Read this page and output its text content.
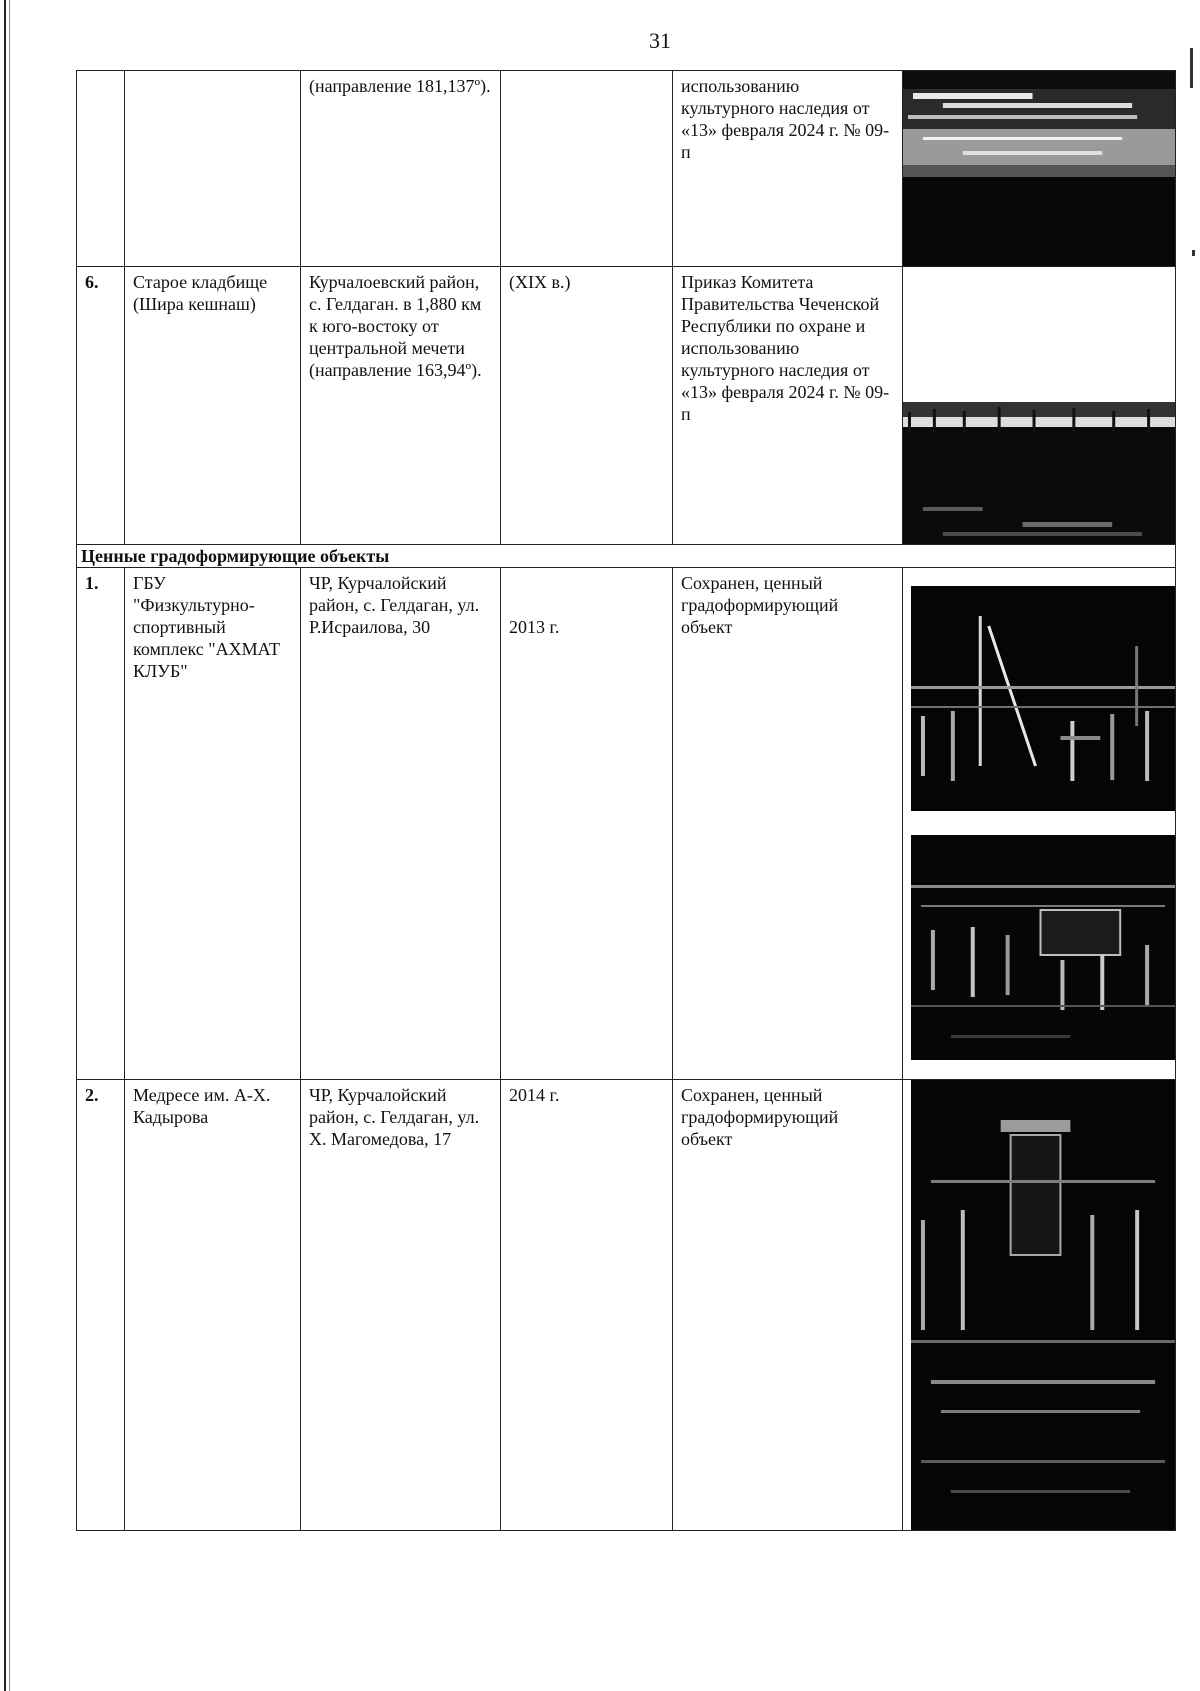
31
		(направление 181,137º).		использованию культурного наследия от «13» февраля 2024 г. № 09-п	

6.	Старое кладбище (Шира кешнаш)	Курчалоевский район, с. Гелдаган. в 1,880 км к юго-востоку от центральной мечети (направление 163,94º).	(XIX в.)	Приказ Комитета Правительства Чеченской Республики по охране и использованию культурного наследия от «13» февраля 2024 г. № 09-п	

Ценные градоформирующие объекты					
1.	ГБУ "Физкультурно-спортивный комплекс "АХМАТ КЛУБ"	ЧР, Курчалойский район, с. Гелдаган, ул. Р.Исраилова, 30	2013 г.	Сохранен, ценный градоформирующий объект	

2.	Медресе им. А-Х. Кадырова	ЧР, Курчалойский район, с. Гелдаган, ул. Х. Магомедова, 17	2014 г.	Сохранен, ценный градоформирующий объект	
